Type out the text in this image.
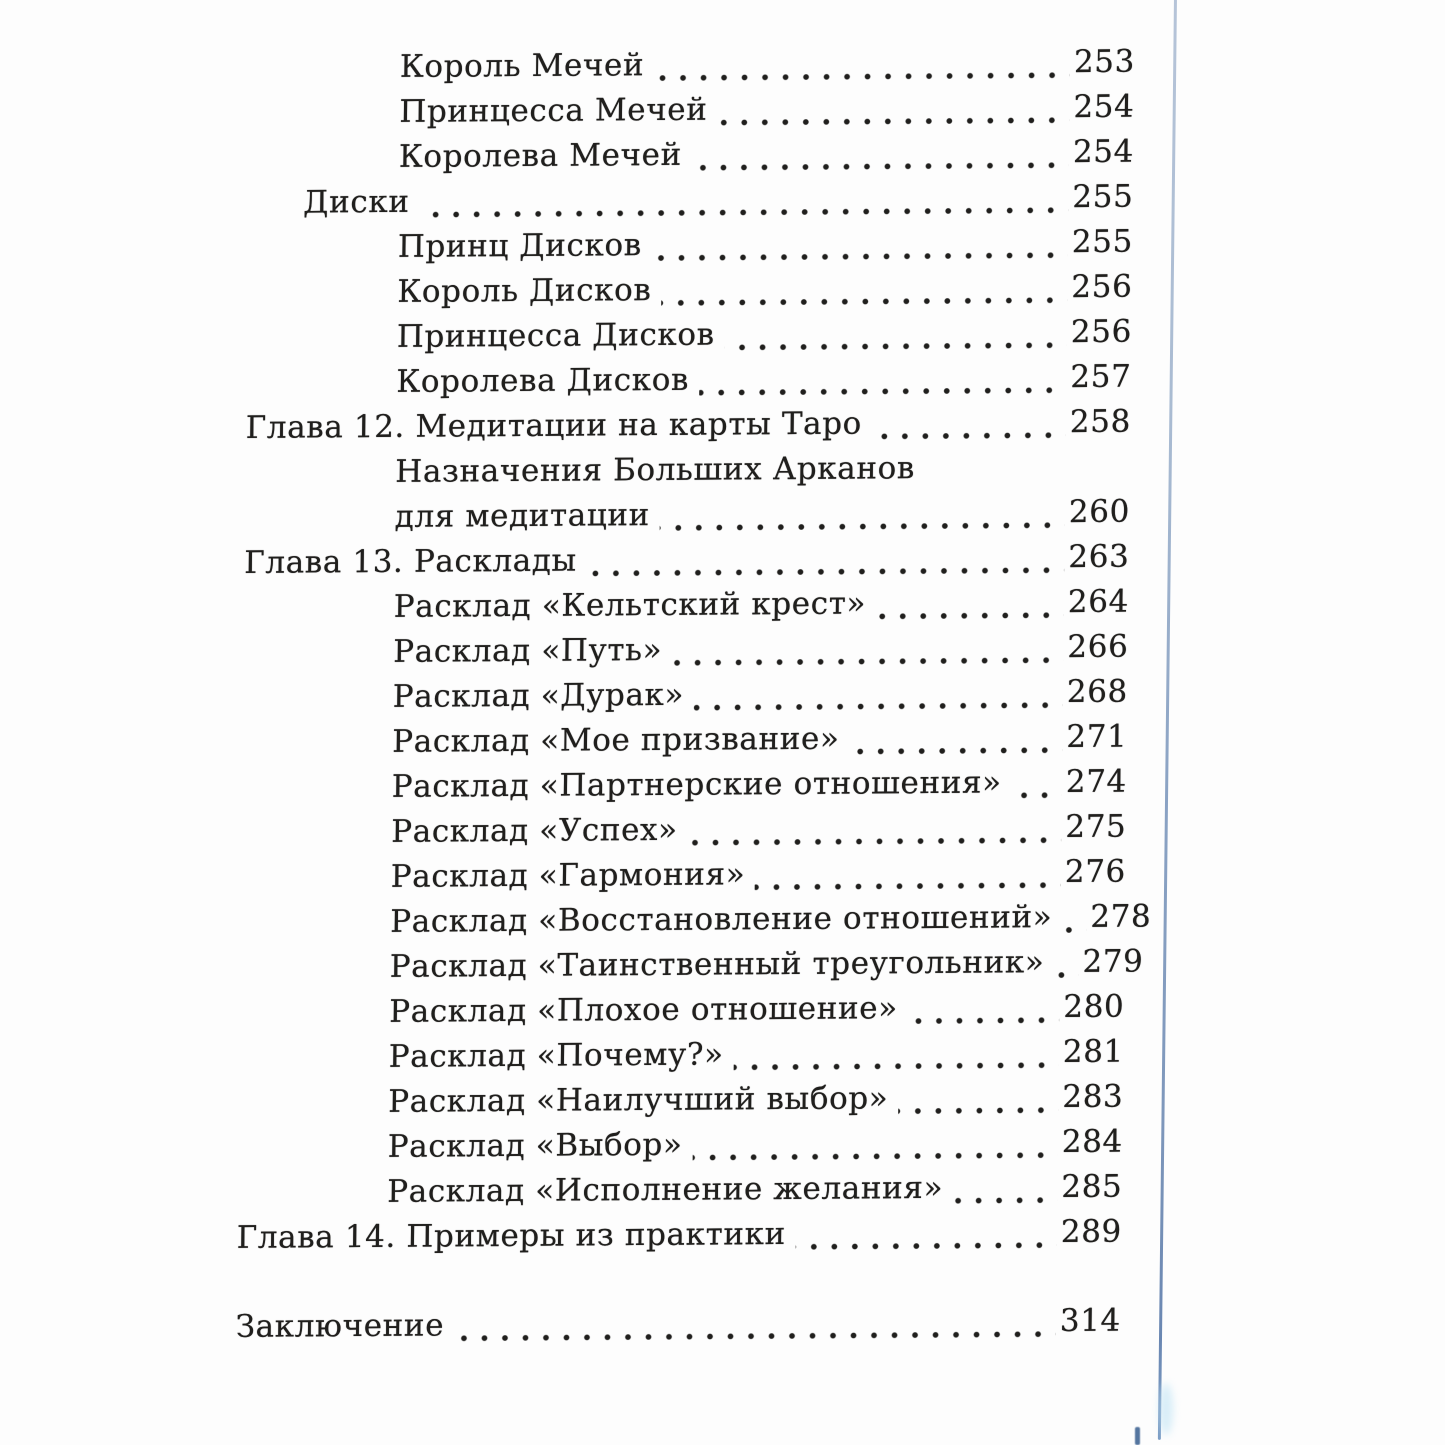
Король Мечей	253
Принцесса Мечей	254
Королева Мечей	254
Диски	255
Принц Дисков	255
Король Дисков	256
Принцесса Дисков	256
Королева Дисков	257
Глава 12. Медитации на карты Таро	258
Назначения Больших Арканов
для медитации	260
Глава 13. Расклады	263
Расклад «Кельтский крест»	264
Расклад «Путь»	266
Расклад «Дурак»	268
Расклад «Мое призвание»	271
Расклад «Партнерские отношения» 274
Расклад «Успех»	275
Расклад «Гармония»	276
Расклад «Восстановление отношений» 278
Расклад «Таинственный треугольник» 279
Расклад «Плохое отношение»	280
Расклад «Почему?»	281
Расклад «Наилучший выбор»	283
Расклад «Выбор»	284
Расклад «Исполнение желания»	285
Глава 14. Примеры из практики	289
Заключение	314
